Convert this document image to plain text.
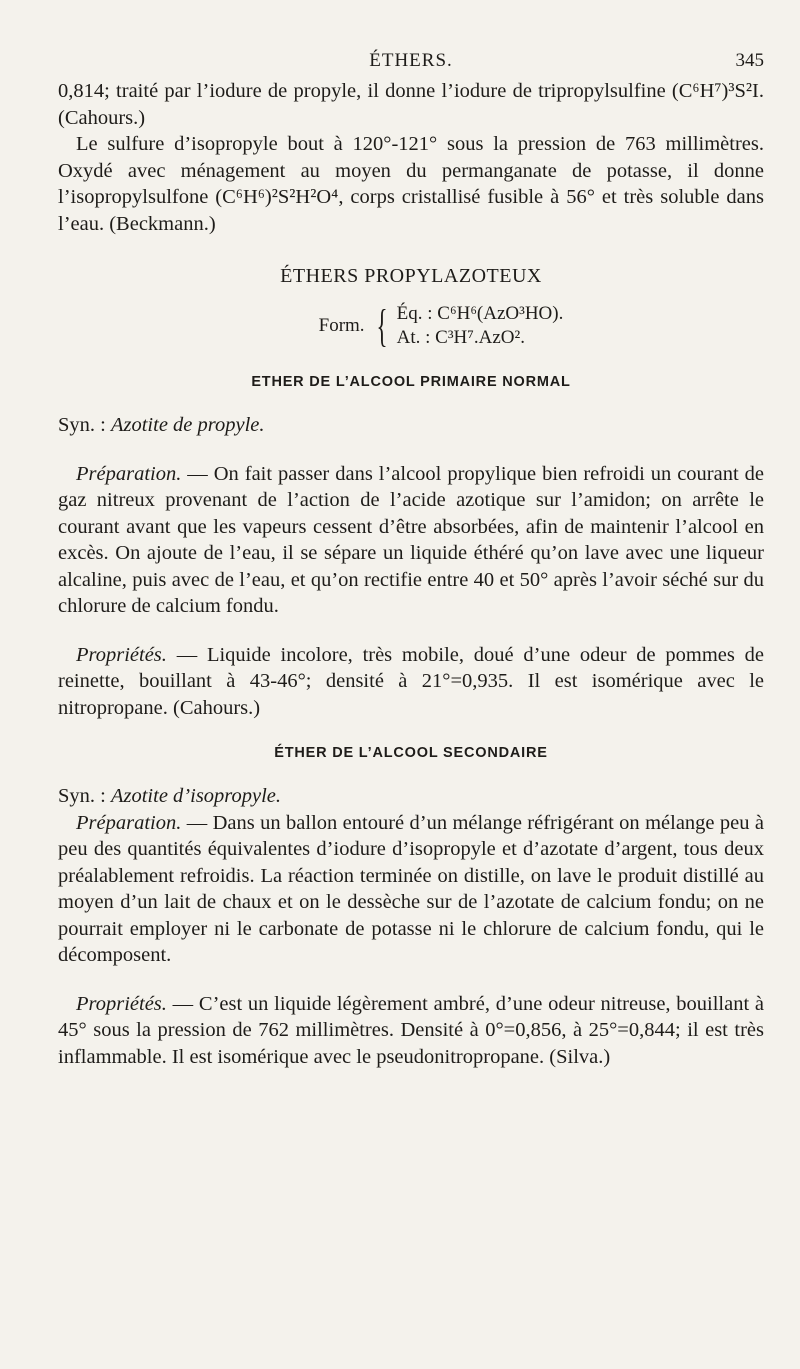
ÉTHERS.	345

0,814; traité par l’iodure de propyle, il donne l’iodure de tripropylsulfine (C⁶H⁷)³S²I. (Cahours.)

Le sulfure d’isopropyle bout à 120°-121° sous la pression de 763 millimètres. Oxydé avec ménagement au moyen du permanganate de potasse, il donne l’isopropylsulfone (C⁶H⁶)²S²H²O⁴, corps cristallisé fusible à 56° et très soluble dans l’eau. (Beckmann.)

ÉTHERS PROPYLAZOTEUX
Form. { Éq. : C⁶H⁶(AzO³HO).
At. : C³H⁷.AzO².
ETHER DE L’ALCOOL PRIMAIRE NORMAL

Syn. : Azotite de propyle.

Préparation. — On fait passer dans l’alcool propylique bien refroidi un courant de gaz nitreux provenant de l’action de l’acide azotique sur l’amidon; on arrête le courant avant que les vapeurs cessent d’être absorbées, afin de maintenir l’alcool en excès. On ajoute de l’eau, il se sépare un liquide éthéré qu’on lave avec une liqueur alcaline, puis avec de l’eau, et qu’on rectifie entre 40 et 50° après l’avoir séché sur du chlorure de calcium fondu.

Propriétés. — Liquide incolore, très mobile, doué d’une odeur de pommes de reinette, bouillant à 43-46°; densité à 21°=0,935. Il est isomérique avec le nitropropane. (Cahours.)

ÉTHER DE L’ALCOOL SECONDAIRE

Syn. : Azotite d’isopropyle.

Préparation. — Dans un ballon entouré d’un mélange réfrigérant on mélange peu à peu des quantités équivalentes d’iodure d’isopropyle et d’azotate d’argent, tous deux préalablement refroidis. La réaction terminée on distille, on lave le produit distillé au moyen d’un lait de chaux et on le dessèche sur de l’azotate de calcium fondu; on ne pourrait employer ni le carbonate de potasse ni le chlorure de calcium fondu, qui le décomposent.

Propriétés. — C’est un liquide légèrement ambré, d’une odeur nitreuse, bouillant à 45° sous la pression de 762 millimètres. Densité à 0°=0,856, à 25°=0,844; il est très inflammable. Il est isomérique avec le pseudonitropropane. (Silva.)
